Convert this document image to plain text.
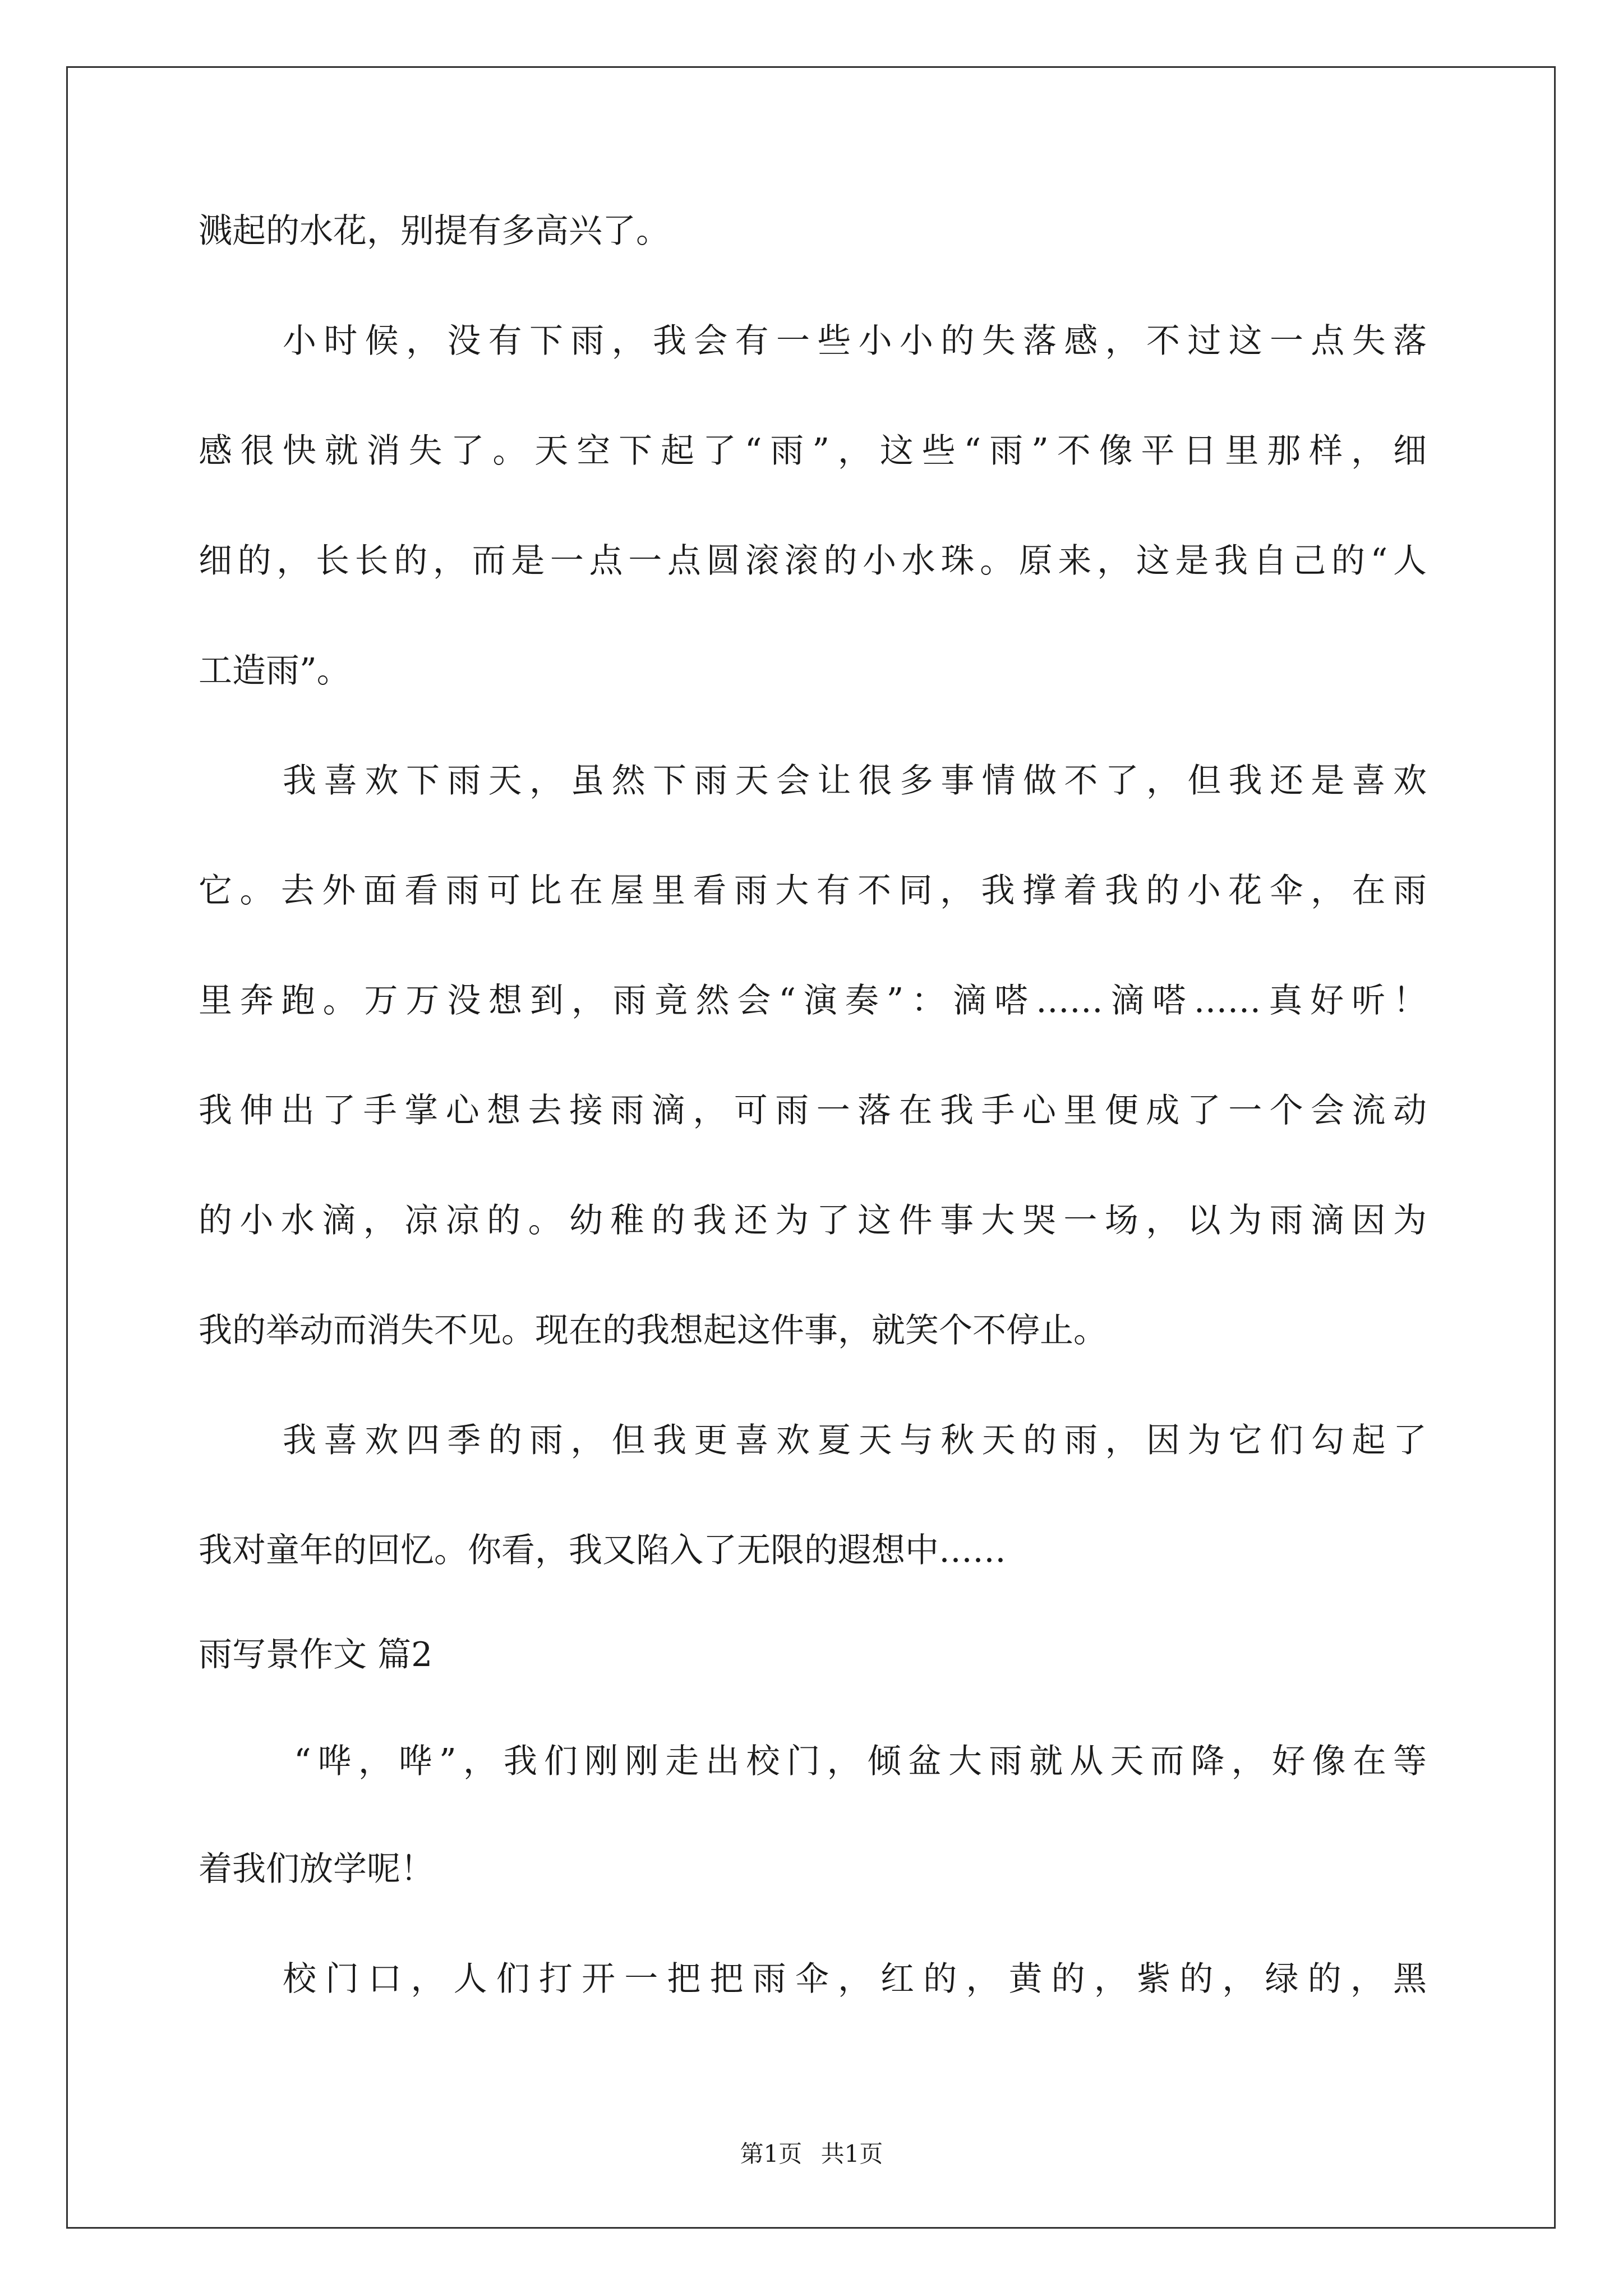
溅起的水花，别提有多高兴了。
小时候，没有下雨，我会有一些小小的失落感，不过这一点失落
感很快就消失了。天空下起了“雨”，这些“雨”不像平日里那样，细
细的，长长的，而是一点一点圆滚滚的小水珠。原来，这是我自己的“人
工造雨”。
我喜欢下雨天，虽然下雨天会让很多事情做不了，但我还是喜欢
它。去外面看雨可比在屋里看雨大有不同，我撑着我的小花伞，在雨
里奔跑。万万没想到，雨竟然会“演奏”：滴嗒……滴嗒……真好听！
我伸出了手掌心想去接雨滴，可雨一落在我手心里便成了一个会流动
的小水滴，凉凉的。幼稚的我还为了这件事大哭一场，以为雨滴因为
我的举动而消失不见。现在的我想起这件事，就笑个不停止。
我喜欢四季的雨，但我更喜欢夏天与秋天的雨，因为它们勾起了
我对童年的回忆。你看，我又陷入了无限的遐想中……
雨写景作文 篇2
“哗，哗”，我们刚刚走出校门，倾盆大雨就从天而降，好像在等
着我们放学呢！
校门口，人们打开一把把雨伞，红的，黄的，紫的，绿的，黑
第1页 共1页
